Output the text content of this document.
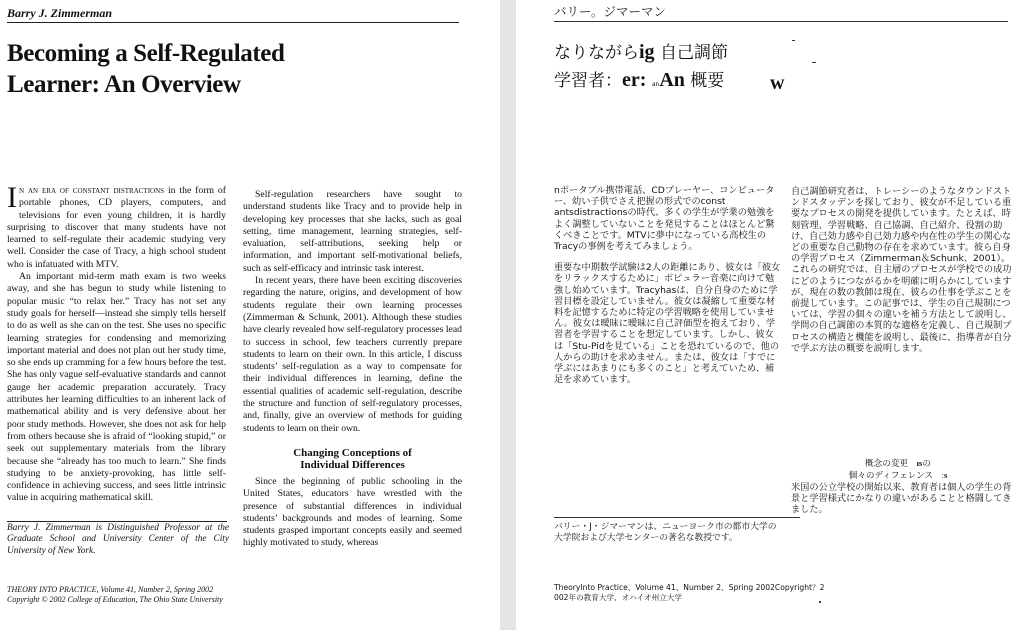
Barry J. Zimmerman
Becoming a Self-Regulated
Learner: An Overview

In an era of constant distractions in the form of portable phones, CD players, computers, and televisions for even young children, it is hardly surprising to discover that many students have not learned to self-regulate their academic studying very well. Consider the case of Tracy, a high school student who is infatuated with MTV.

An important mid-term math exam is two weeks away, and she has begun to study while listening to popular music “to relax her.” Tracy has not set any study goals for herself—instead she simply tells herself to do as well as she can on the test. She uses no specific learning strategies for condensing and memorizing important material and does not plan out her study time, so she ends up cramming for a few hours before the test. She has only vague self-evaluative standards and cannot gauge her academic preparation accurately. Tracy attributes her learning difficulties to an inherent lack of mathematical ability and is very defensive about her poor study methods. However, she does not ask for help from others because she is afraid of “looking stupid,” or seek out supplementary materials from the library because she “already has too much to learn.” She finds studying to be anxiety-provoking, has little self-confidence in achieving success, and sees little intrinsic value in acquiring mathematical skill.

Self-regulation researchers have sought to understand students like Tracy and to provide help in developing key processes that she lacks, such as goal setting, time management, learning strategies, self-evaluation, self-attributions, seeking help or information, and important self-motivational beliefs, such as self-efficacy and intrinsic task interest.

In recent years, there have been exciting discoveries regarding the nature, origins, and development of how students regulate their own learning processes (Zimmerman & Schunk, 2001). Although these studies have clearly revealed how self-regulatory processes lead to success in school, few teachers currently prepare students to learn on their own. In this article, I discuss students’ self-regulation as a way to compensate for their individual differences in learning, define the essential qualities of academic self-regulation, describe the structure and function of self-regulatory processes, and, finally, give an overview of methods for guiding students to learn on their own.

Changing Conceptions of
Individual Differences

Since the beginning of public schooling in the United States, educators have wrestled with the presence of substantial differences in individual students’ backgrounds and modes of learning. Some students grasped important concepts easily and seemed highly motivated to study, whereas

Barry J. Zimmerman is Distinguished Professor at the Graduate School and University Center of the City University of New York.
THEORY INTO PRACTICE, Volume 41, Number 2, Spring 2002
Copyright © 2002 College of Education, The Ohio State University
バリー。ジマーマン
なりながらig 自己調節
学習者：er: anAn 概要 w

nポータブル携帯電話、CDプレーヤー、コンピューター、幼い子供でさえ把握の形式でのconst antsdistractionsの時代、多くの学生が学業の勉強をよく調整していないことを発見することはほとんど驚くべきことです。MTVに夢中になっている高校生のTracyの事例を考えてみましょう。

重要な中期数学試験は2人の距離にあり、彼女は「彼女をリラックスするために」ポピュラー音楽に向けて勉強し始めています。Tracyhasは、自分自身のために学習目標を設定していません。彼女は凝縮して重要な材料を記憶するために特定の学習戦略を使用していません。彼女は曖昧に曖昧に自己評価型を抱えており、学習者を学習することを想定しています。しかし、彼女は「Stu-Pidを見ている」ことを恐れているので、他の人からの助けを求めません。または、彼女は「すでに学ぶにはあまりにも多くのこと」と考えていため、補足を求めています。

自己調節研究者は、トレーシーのようなタウンドストンドスタッデンを探しており、彼女が不足している重要なプロセスの開発を提供しています。たとえば、時刻管理、学習戦略、自己協調、自己紹介、役割の助け、自己効力感や自己効力感や内在性の学生の関心などの重要な自己動物の存在を求めています。彼ら自身の学習プロセス（Zimmerman＆Schunk、2001）。これらの研究では、自主層のプロセスが学校での成功にどのようにつながるかを明確に明らかにしていますが、現在の数の教師は現在、彼らの仕事を学ぶことを前提しています。この記事では、学生の自己規制については、学習の個々の違いを補う方法として説明し、学問の自己調節の本質的な適格を定義し、自己規制プロセスの構造と機能を説明し、最後に、指導者が自分で学ぶ方法の概要を説明します。

概念の変更　 ısの
個々のディフェレンス　 ːs

米国の公立学校の開始以来、教育者は個人の学生の背景と学習様式にかなりの違いがあることと格闘してきました。

バリー・J・ジマーマンは、ニューヨーク市の都市大学の大学院および大学センターの著名な教授です。
TheoryInto Practice、Volume 41、Number 2、Spring 2002Copyright？2
002年の教育大学、オハイオ州立大学
